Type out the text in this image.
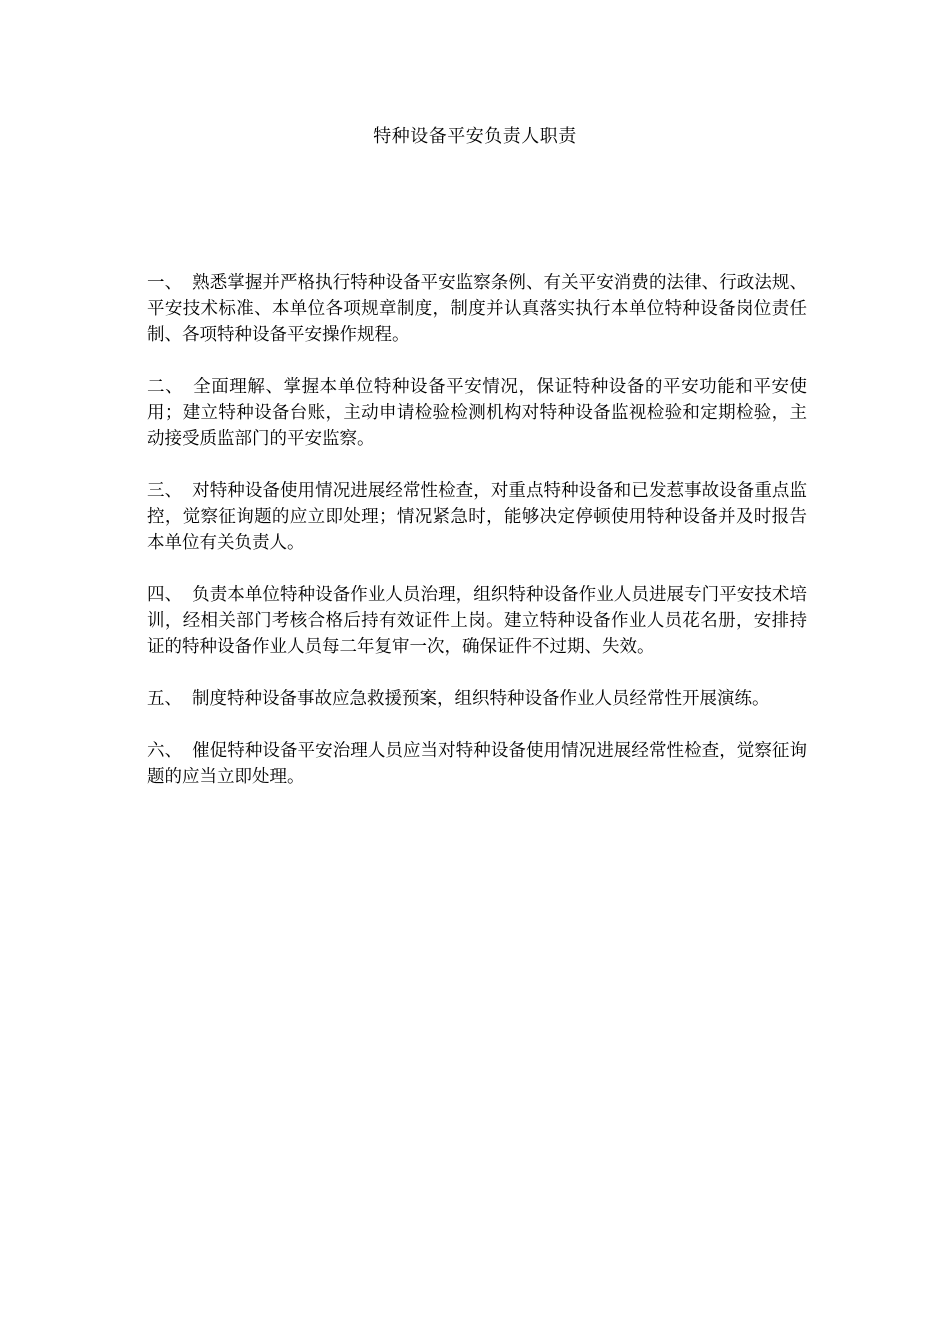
特种设备平安负责人职责

一、 熟悉掌握并严格执行特种设备平安监察条例、有关平安消费的法律、行政法规、平安技术标准、本单位各项规章制度，制度并认真落实执行本单位特种设备岗位责任制、各项特种设备平安操作规程。

二、 全面理解、掌握本单位特种设备平安情况，保证特种设备的平安功能和平安使用；建立特种设备台账，主动申请检验检测机构对特种设备监视检验和定期检验，主动接受质监部门的平安监察。

三、 对特种设备使用情况进展经常性检查，对重点特种设备和已发惹事故设备重点监控，觉察征询题的应立即处理；情况紧急时，能够决定停顿使用特种设备并及时报告本单位有关负责人。

四、 负责本单位特种设备作业人员治理，组织特种设备作业人员进展专门平安技术培训，经相关部门考核合格后持有效证件上岗。建立特种设备作业人员花名册，安排持证的特种设备作业人员每二年复审一次，确保证件不过期、失效。

五、 制度特种设备事故应急救援预案，组织特种设备作业人员经常性开展演练。

六、 催促特种设备平安治理人员应当对特种设备使用情况进展经常性检查，觉察征询题的应当立即处理。
